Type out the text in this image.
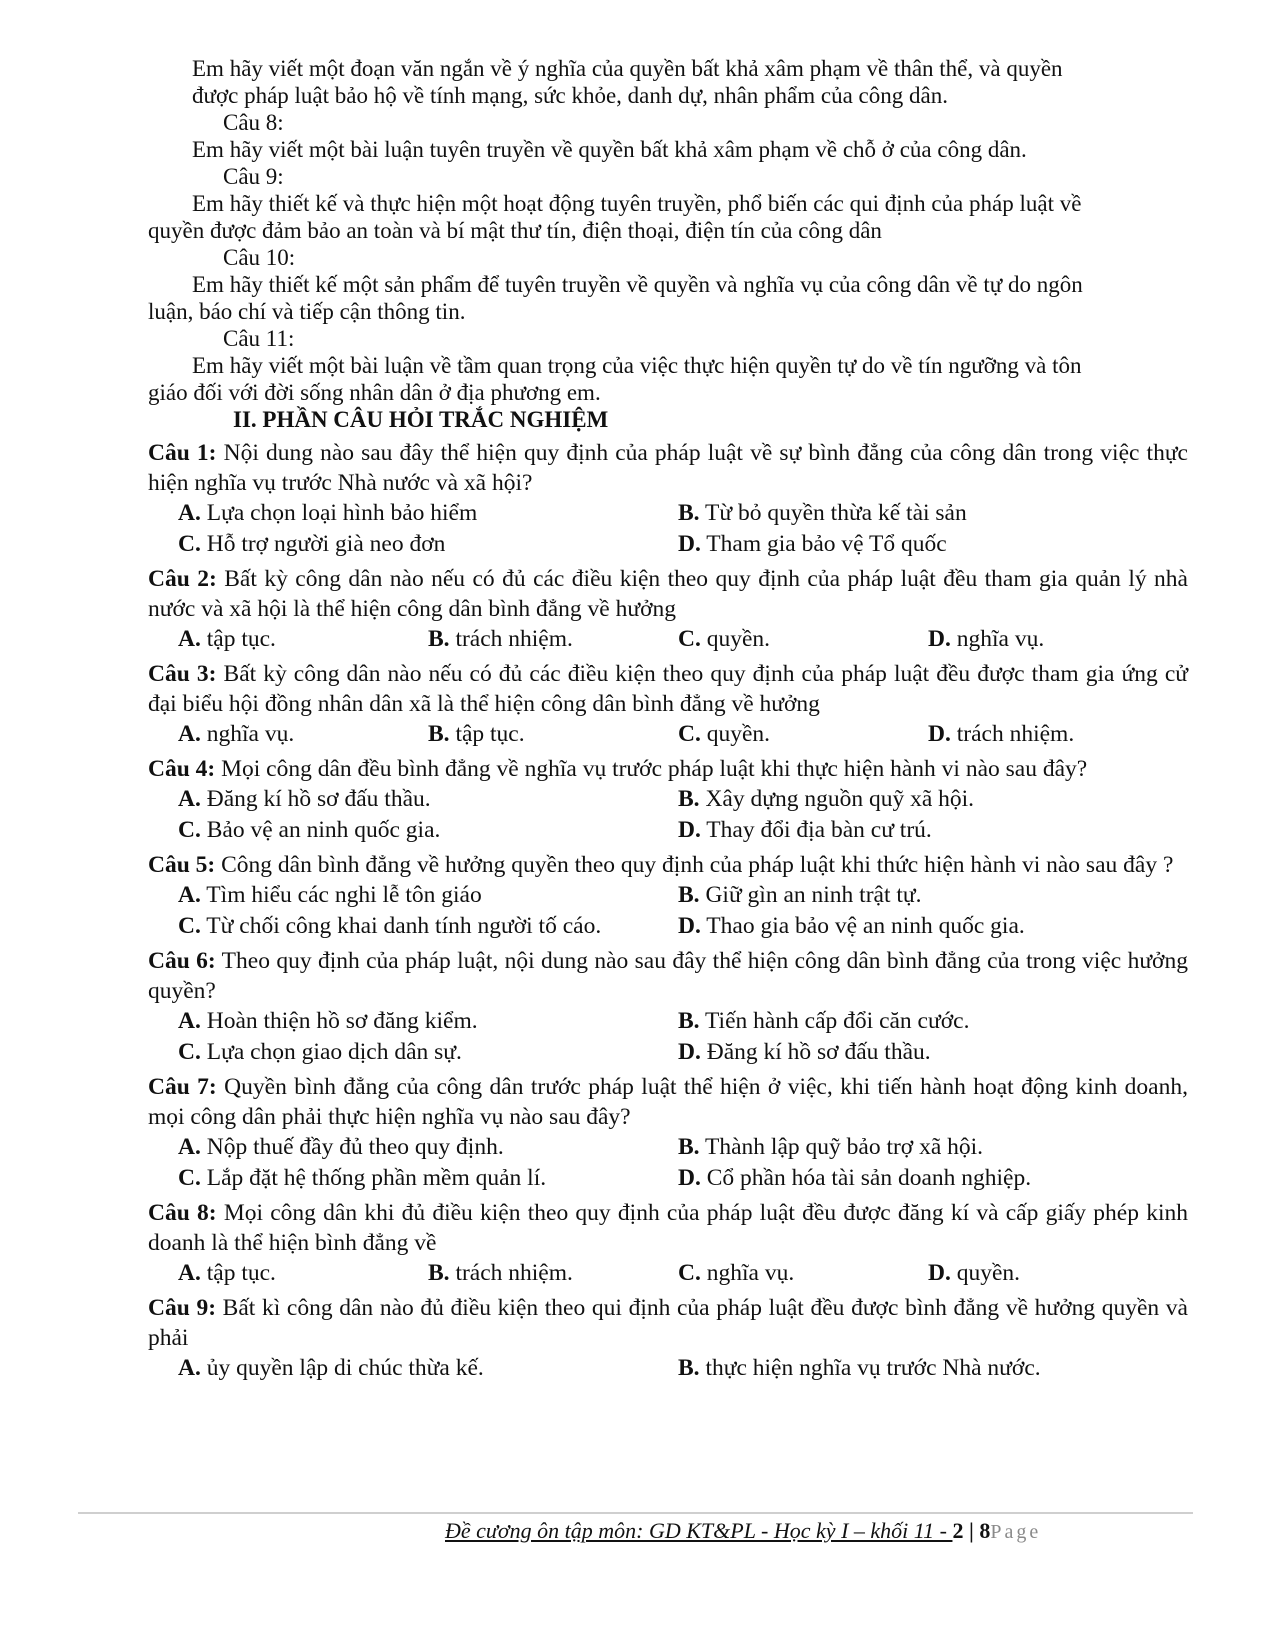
Em hãy viết một đoạn văn ngắn về ý nghĩa của quyền bất khả xâm phạm về thân thể, và quyền
được pháp luật bảo hộ về tính mạng, sức khỏe, danh dự, nhân phẩm của công dân.
Câu 8:
Em hãy viết một bài luận tuyên truyền về quyền bất khả xâm phạm về chỗ ở của công dân.
Câu 9:
Em hãy thiết kế và thực hiện một hoạt động tuyên truyền, phổ biến các qui định của pháp luật về
quyền được đảm bảo an toàn và bí mật thư tín, điện thoại, điện tín của công dân
Câu 10:
Em hãy thiết kế một sản phẩm để tuyên truyền về quyền và nghĩa vụ của công dân về tự do ngôn
luận, báo chí và tiếp cận thông tin.
Câu 11:
Em hãy viết một bài luận về tầm quan trọng của việc thực hiện quyền tự do về tín ngưỡng và tôn
giáo đối với đời sống nhân dân ở địa phương em.
II. PHẦN CÂU HỎI TRẮC NGHIỆM
Câu 1: Nội dung nào sau đây thể hiện quy định của pháp luật về sự bình đẳng của công dân trong việc thực hiện nghĩa vụ trước Nhà nước và xã hội?
A. Lựa chọn loại hình bảo hiểm	B. Từ bỏ quyền thừa kế tài sản
C. Hỗ trợ người già neo đơn	D. Tham gia bảo vệ Tổ quốc
Câu 2: Bất kỳ công dân nào nếu có đủ các điều kiện theo quy định của pháp luật đều tham gia quản lý nhà nước và xã hội là thể hiện công dân bình đẳng về hưởng
A. tập tục.	B. trách nhiệm.	C. quyền.	D. nghĩa vụ.
Câu 3: Bất kỳ công dân nào nếu có đủ các điều kiện theo quy định của pháp luật đều được tham gia ứng cử đại biểu hội đồng nhân dân xã là thể hiện công dân bình đẳng về hưởng
A. nghĩa vụ.	B. tập tục.	C. quyền.	D. trách nhiệm.
Câu 4: Mọi công dân đều bình đẳng về nghĩa vụ trước pháp luật khi thực hiện hành vi nào sau đây?
A. Đăng kí hồ sơ đấu thầu.	B. Xây dựng nguồn quỹ xã hội.
C. Bảo vệ an ninh quốc gia.	D. Thay đổi địa bàn cư trú.
Câu 5: Công dân bình đẳng về hưởng quyền theo quy định của pháp luật khi thức hiện hành vi nào sau đây ?
A. Tìm hiểu các nghi lễ tôn giáo	B. Giữ gìn an ninh trật tự.
C. Từ chối công khai danh tính người tố cáo.	D. Thao gia bảo vệ an ninh quốc gia.
Câu 6: Theo quy định của pháp luật, nội dung nào sau đây thể hiện công dân bình đẳng của trong việc hưởng quyền?
A. Hoàn thiện hồ sơ đăng kiểm.	B. Tiến hành cấp đổi căn cước.
C. Lựa chọn giao dịch dân sự.	D. Đăng kí hồ sơ đấu thầu.
Câu 7: Quyền bình đẳng của công dân trước pháp luật thể hiện ở việc, khi tiến hành hoạt động kinh doanh, mọi công dân phải thực hiện nghĩa vụ nào sau đây?
A. Nộp thuế đầy đủ theo quy định.	B. Thành lập quỹ bảo trợ xã hội.
C. Lắp đặt hệ thống phần mềm quản lí.	D. Cổ phần hóa tài sản doanh nghiệp.
Câu 8: Mọi công dân khi đủ điều kiện theo quy định của pháp luật đều được đăng kí và cấp giấy phép kinh doanh là thể hiện bình đẳng về
A. tập tục.	B. trách nhiệm.	C. nghĩa vụ.	D. quyền.
Câu 9: Bất kì công dân nào đủ điều kiện theo qui định của pháp luật đều được bình đẳng về hưởng quyền và phải
A. ủy quyền lập di chúc thừa kế.	B. thực hiện nghĩa vụ trước Nhà nước.
Đề cương ôn tập môn: GD KT&PL - Học kỳ I – khối 11 - 2 | 8Page
